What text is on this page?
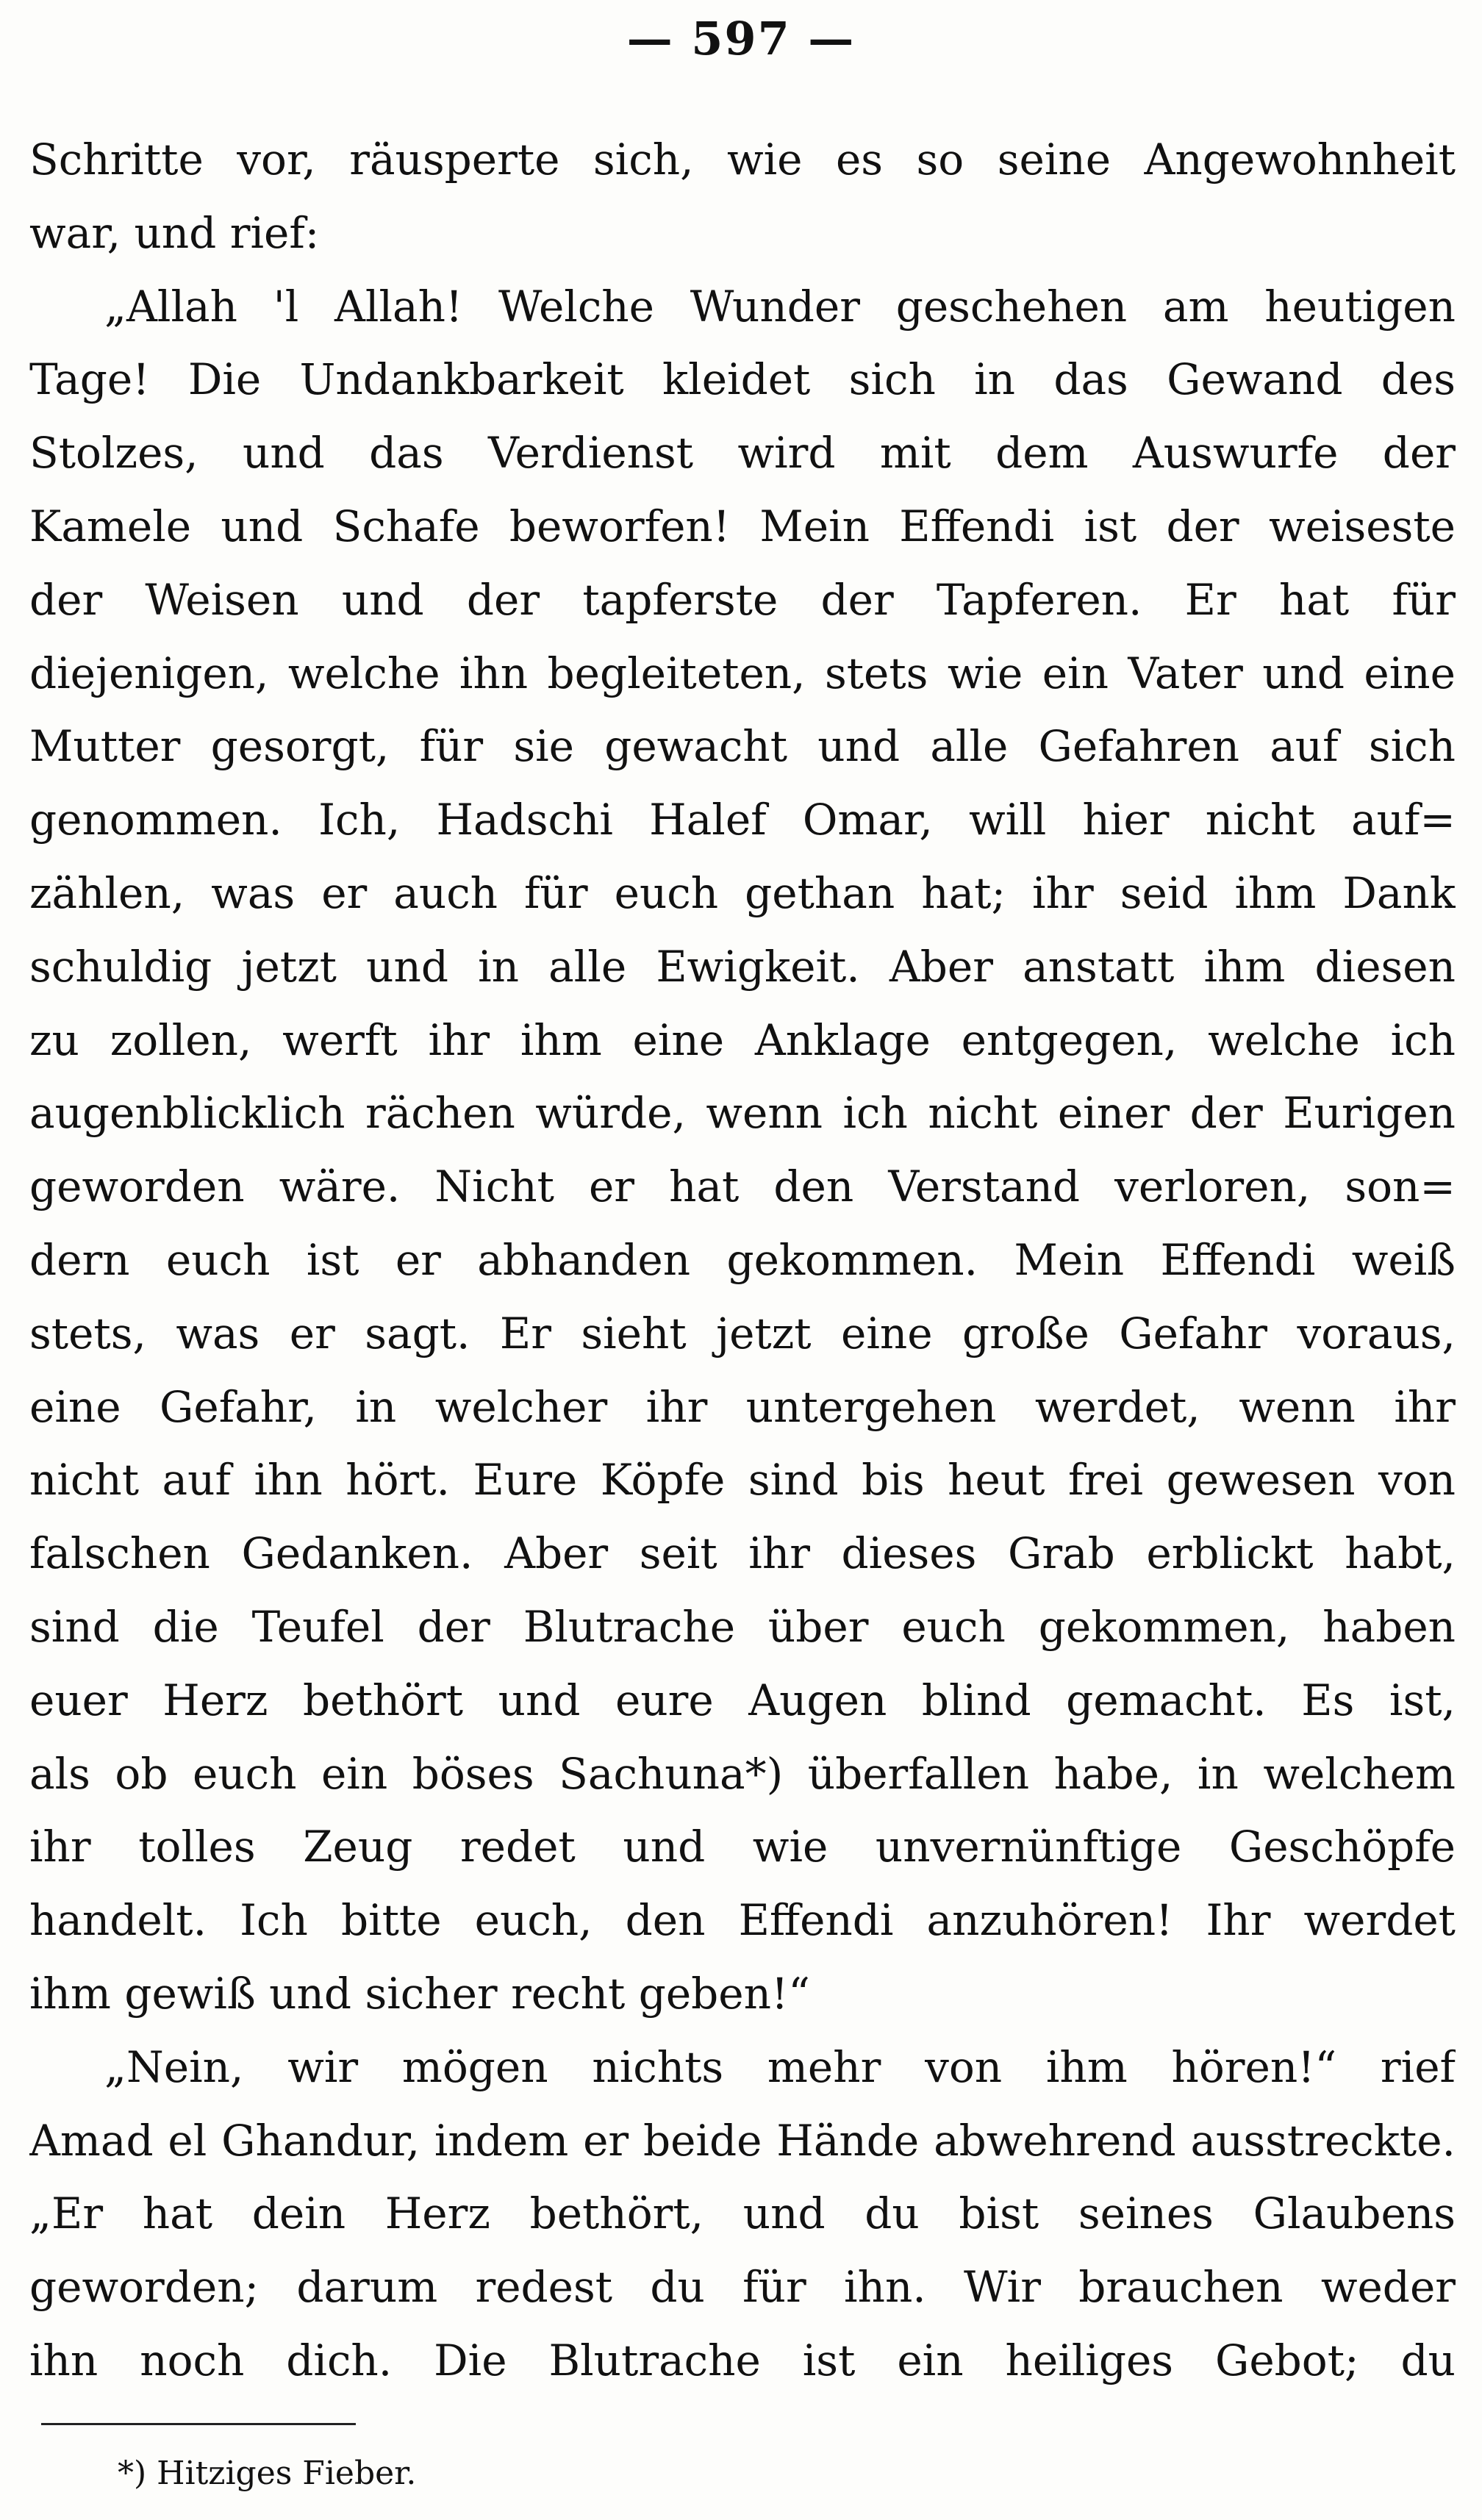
— 597 —
Schritte vor, räusperte sich, wie es so seine Angewohnheit
war, und rief:
„Allah 'l Allah! Welche Wunder geschehen am heutigen
Tage! Die Undankbarkeit kleidet sich in das Gewand des
Stolzes, und das Verdienst wird mit dem Auswurfe der
Kamele und Schafe beworfen! Mein Effendi ist der weiseste
der Weisen und der tapferste der Tapferen. Er hat für
diejenigen, welche ihn begleiteten, stets wie ein Vater und eine
Mutter gesorgt, für sie gewacht und alle Gefahren auf sich
genommen. Ich, Hadschi Halef Omar, will hier nicht auf=
zählen, was er auch für euch gethan hat; ihr seid ihm Dank
schuldig jetzt und in alle Ewigkeit. Aber anstatt ihm diesen
zu zollen, werft ihr ihm eine Anklage entgegen, welche ich
augenblicklich rächen würde, wenn ich nicht einer der Eurigen
geworden wäre. Nicht er hat den Verstand verloren, son=
dern euch ist er abhanden gekommen. Mein Effendi weiß
stets, was er sagt. Er sieht jetzt eine große Gefahr voraus,
eine Gefahr, in welcher ihr untergehen werdet, wenn ihr
nicht auf ihn hört. Eure Köpfe sind bis heut frei gewesen von
falschen Gedanken. Aber seit ihr dieses Grab erblickt habt,
sind die Teufel der Blutrache über euch gekommen, haben
euer Herz bethört und eure Augen blind gemacht. Es ist,
als ob euch ein böses Sachuna*) überfallen habe, in welchem
ihr tolles Zeug redet und wie unvernünftige Geschöpfe
handelt. Ich bitte euch, den Effendi anzuhören! Ihr werdet
ihm gewiß und sicher recht geben!“
„Nein, wir mögen nichts mehr von ihm hören!“ rief
Amad el Ghandur, indem er beide Hände abwehrend ausstreckte.
„Er hat dein Herz bethört, und du bist seines Glaubens
geworden; darum redest du für ihn. Wir brauchen weder
ihn noch dich. Die Blutrache ist ein heiliges Gebot; du
*) Hitziges Fieber.
